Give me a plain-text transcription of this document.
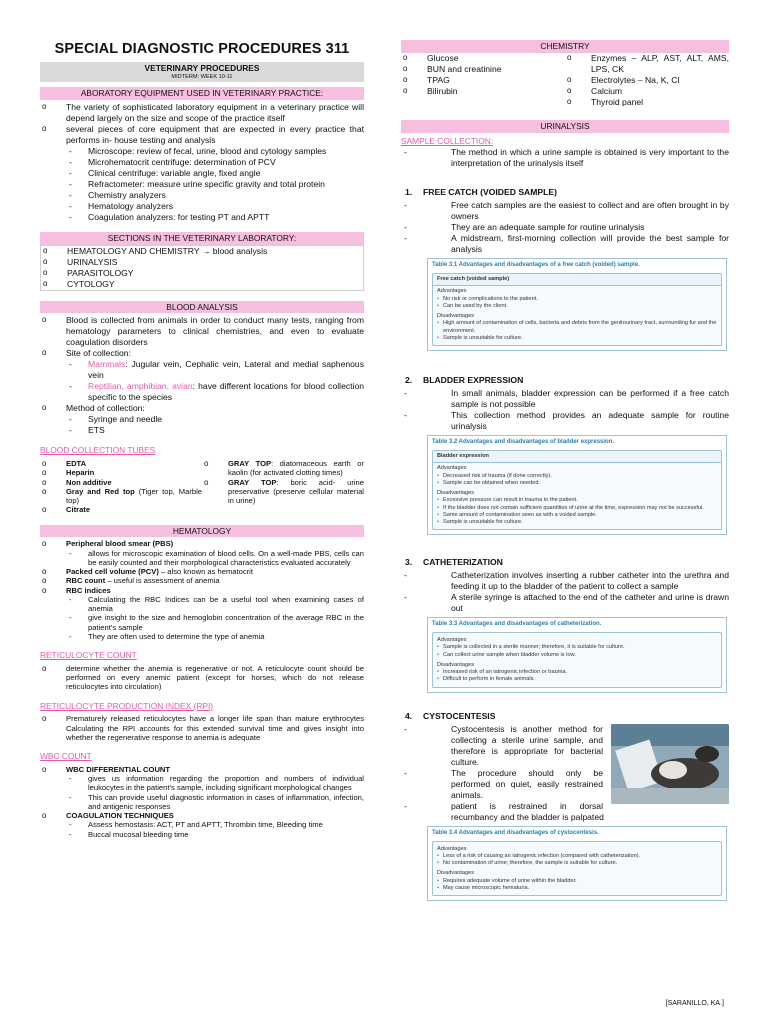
SPECIAL DIAGNOSTIC PROCEDURES 311
VETERINARY PROCEDURES
MIDTERM: WEEK 10-11
ABORATORY EQUIPMENT USED IN VETERINARY PRACTICE:
o The variety of sophisticated laboratory equipment in a veterinary practice will depend largely on the size and scope of the practice itself
o several pieces of core equipment that are expected in every practice that performs in- house testing and analysis
- Microscope: review of fecal, urine, blood and cytology samples
- Microhematocrit centrifuge: determination of PCV
- Clinical centrifuge: variable angle, fixed angle
- Refractometer: measure urine specific gravity and total protein
- Chemistry analyzers
- Hematology analyzers
- Coagulation analyzers: for testing PT and APTT
SECTIONS IN THE VETERINARY LABORATORY:
o HEMATOLOGY AND CHEMISTRY → blood analysis
o URINALYSIS
o PARASITOLOGY
o CYTOLOGY
BLOOD ANALYSIS
o Blood is collected from animals in order to conduct many tests, ranging from hematology parameters to clinical chemistries, and even to evaluate coagulation disorders
o Site of collection:
- Mammals: Jugular vein, Cephalic vein, Lateral and medial saphenous vein
- Reptilian, amphibian, avian: have different locations for blood collection specific to the species
o Method of collection:
- Syringe and needle
- ETS
BLOOD COLLECTION TUBES
o EDTA
o Heparin
o Non additive
o Gray and Red top (Tiger top, Marble top)
o Citrate

o GRAY TOP: diatomaceous earth or kaolin (for activated clotting times)
o GRAY TOP: boric acid- urine preservative (preserve cellular material in urine)
HEMATOLOGY
o Peripheral blood smear (PBS)
- allows for microscopic examination of blood cells. On a well-made PBS, cells can be easily counted and their morphological characteristics evaluated accurately
o Packed cell volume (PCV) – also known as hematocrit
o RBC count – useful is assessment of anemia
o RBC indices
- Calculating the RBC Indices can be a useful tool when examining cases of anemia
- give insight to the size and hemoglobin concentration of the average RBC in the patient’s sample
- They are often used to determine the type of anemia
RETICULOCYTE COUNT
o determine whether the anemia is regenerative or not. A reticulocyte count should be performed on every anemic patient (except for horses, which do not release reticulocytes into circulation)
RETICULOCYTE PRODUCTION INDEX (RPI)
o Prematurely released reticulocytes have a longer life span than mature erythrocytes Calculating the RPI accounts for this extended survival time and gives insight into whether the regenerative response to anemia is adequate
WBC COUNT
o WBC DIFFERENTIAL COUNT
- gives us information regarding the proportion and numbers of individual leukocytes in the patient’s sample, including significant morphological changes
- This can provide useful diagnostic information in cases of inflammation, infection, and antigenic responses
o COAGULATION TECHNIQUES
- Assess hemostasis: ACT, PT and APTT, Thrombin time, Bleeding time
- Buccal mucosal bleeding time
CHEMISTRY
o Glucose
o BUN and creatinine
o TPAG
o Bilirubin

o Enzymes – ALP, AST, ALT, AMS, LPS, CK
o Electrolytes – Na, K, Cl
o Calcium
o Thyroid panel
URINALYSIS
SAMPLE COLLECTION:
- The method in which a urine sample is obtained is very important to the interpretation of the urinalysis itself
1. FREE CATCH (VOIDED SAMPLE)
- Free catch samples are the easiest to collect and are often brought in by owners
- They are an adequate sample for routine urinalysis
- A midstream, first-morning collection will provide the best sample for analysis
Table 3.1 Advantages and disadvantages of a free catch (voided) sample.
Free catch (voided sample)
Advantages
• No risk or complications to the patient.
• Can be used by the client.
Disadvantages
• High amount of contamination of cells, bacteria and debris from the genitourinary tract, surrounding fur and the environment.
• Sample is unsuitable for culture.
2. BLADDER EXPRESSION
- In small animals, bladder expression can be performed if a free catch sample is not possible
- This collection method provides an adequate sample for routine urinalysis
Table 3.2 Advantages and disadvantages of bladder expression.
Bladder expression
Advantages
• Decreased risk of trauma (if done correctly).
• Sample can be obtained when needed.
Disadvantages
• Excessive pressure can result in trauma to the patient.
• If the bladder does not contain sufficient quantities of urine at the time, expression may not be successful.
• Same amount of contamination seen as with a voided sample.
• Sample is unsuitable for culture.
3. CATHETERIZATION
- Catheterization involves inserting a rubber catheter into the urethra and feeding it up to the bladder of the patient to collect a sample
- A sterile syringe is attached to the end of the catheter and urine is drawn out
Table 3.3 Advantages and disadvantages of catheterization.
Advantages
• Sample is collected in a sterile manner; therefore, it is suitable for culture.
• Can collect urine sample when bladder volume is low.
Disadvantages
• Increased risk of an iatrogenic infection or trauma.
• Difficult to perform in female animals.
4. CYSTOCENTESIS
- Cystocentesis is another method for collecting a sterile urine sample, and therefore is appropriate for bacterial culture.
- The procedure should only be performed on quiet, easily restrained animals.
- patient is restrained in dorsal recumbancy and the bladder is palpated
Table 3.4 Advantages and disadvantages of cystocentesis.
Advantages
• Less of a risk of causing an iatrogenic infection (compared with catheterization).
• No contamination of urine; therefore, the sample is suitable for culture.
Disadvantages
• Requires adequate volume of urine within the bladder.
• May cause microscopic hematuria.
[SARANILLO, KA.]
